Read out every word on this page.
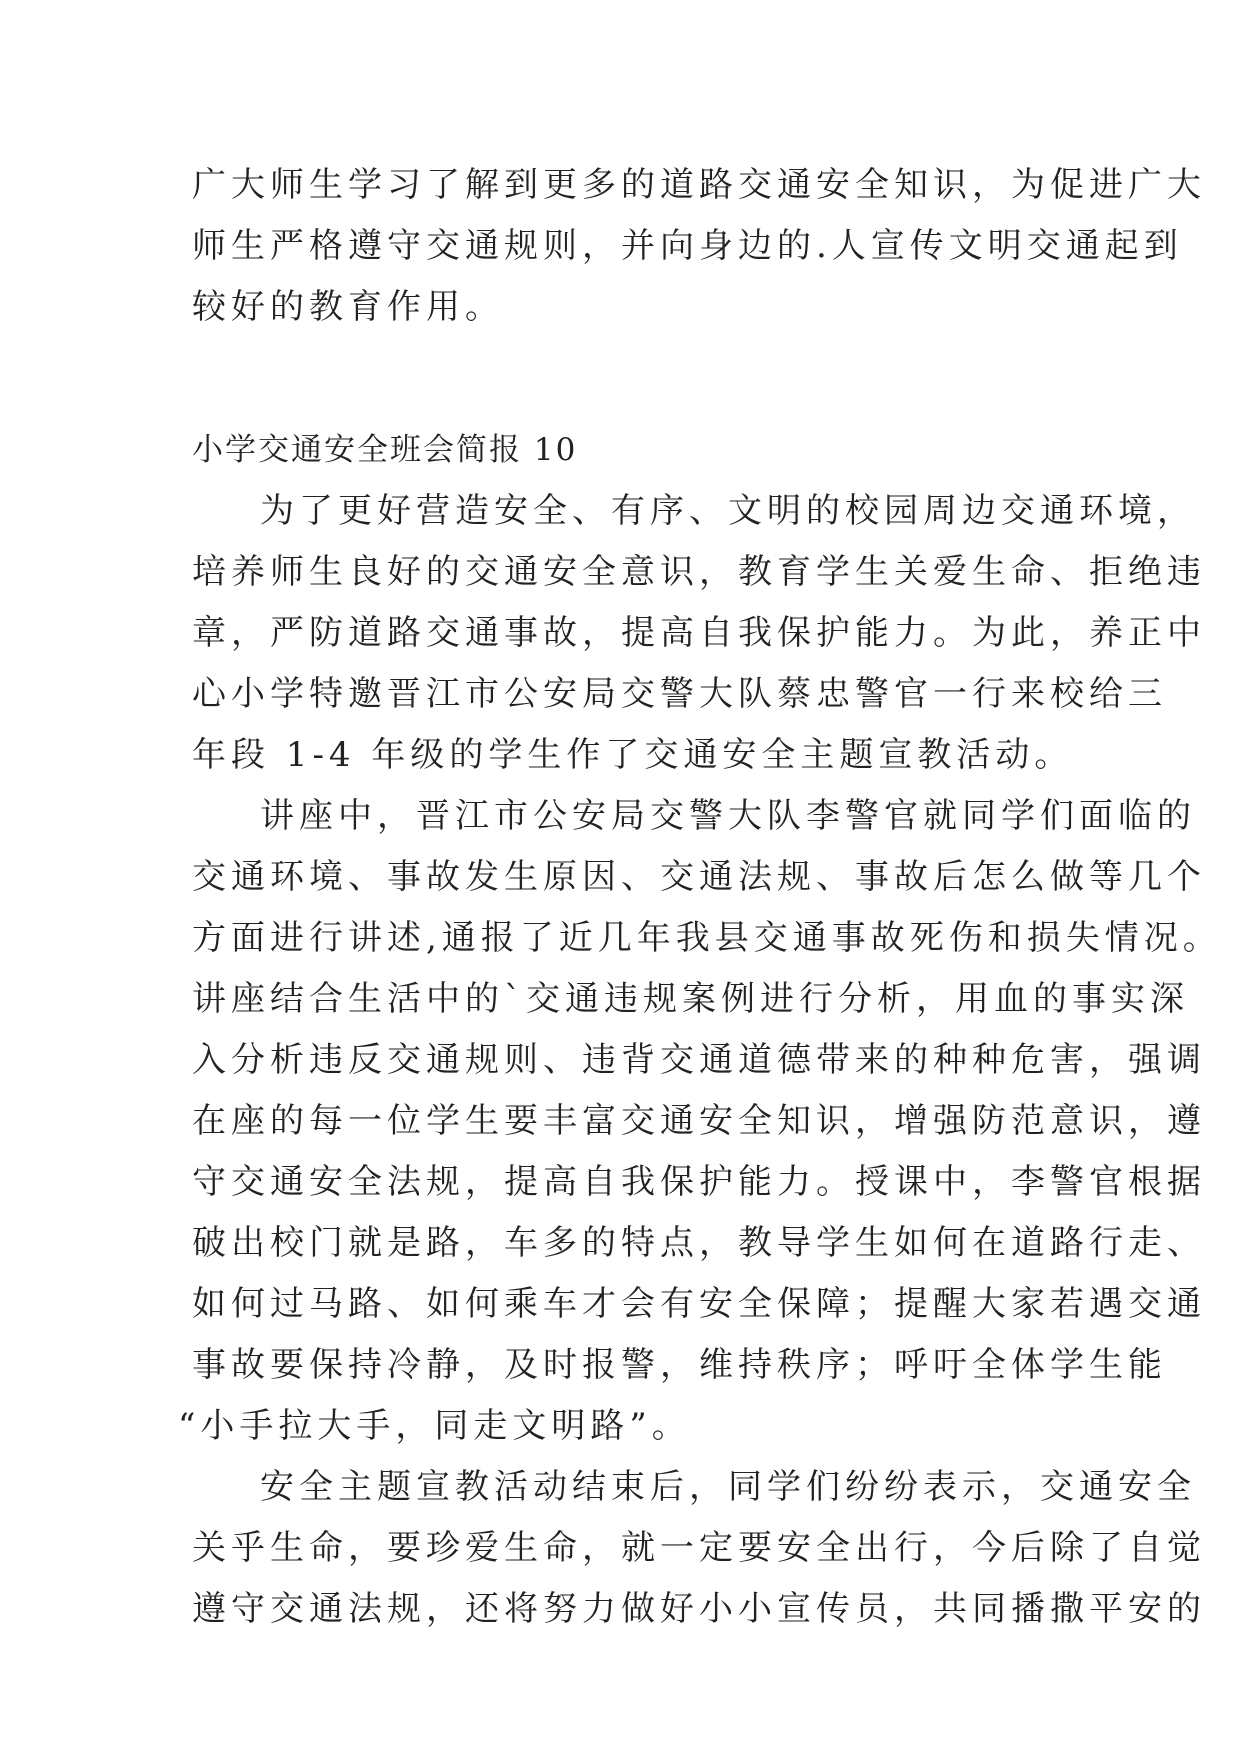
广大师生学习了解到更多的道路交通安全知识，为促进广大
师生严格遵守交通规则，并向身边的.人宣传文明交通起到
较好的教育作用。
小学交通安全班会简报 10
为了更好营造安全、有序、文明的校园周边交通环境，
培养师生良好的交通安全意识，教育学生关爱生命、拒绝违
章，严防道路交通事故，提高自我保护能力。为此，养正中
心小学特邀晋江市公安局交警大队蔡忠警官一行来校给三
年段 1-4 年级的学生作了交通安全主题宣教活动。
讲座中，晋江市公安局交警大队李警官就同学们面临的
交通环境、事故发生原因、交通法规、事故后怎么做等几个
方面进行讲述,通报了近几年我县交通事故死伤和损失情况。
讲座结合生活中的`交通违规案例进行分析，用血的事实深
入分析违反交通规则、违背交通道德带来的种种危害，强调
在座的每一位学生要丰富交通安全知识，增强防范意识，遵
守交通安全法规，提高自我保护能力。授课中，李警官根据
破出校门就是路，车多的特点，教导学生如何在道路行走、
如何过马路、如何乘车才会有安全保障；提醒大家若遇交通
事故要保持冷静，及时报警，维持秩序；呼吁全体学生能
“小手拉大手，同走文明路”。
安全主题宣教活动结束后，同学们纷纷表示，交通安全
关乎生命，要珍爱生命，就一定要安全出行，今后除了自觉
遵守交通法规，还将努力做好小小宣传员，共同播撒平安的
